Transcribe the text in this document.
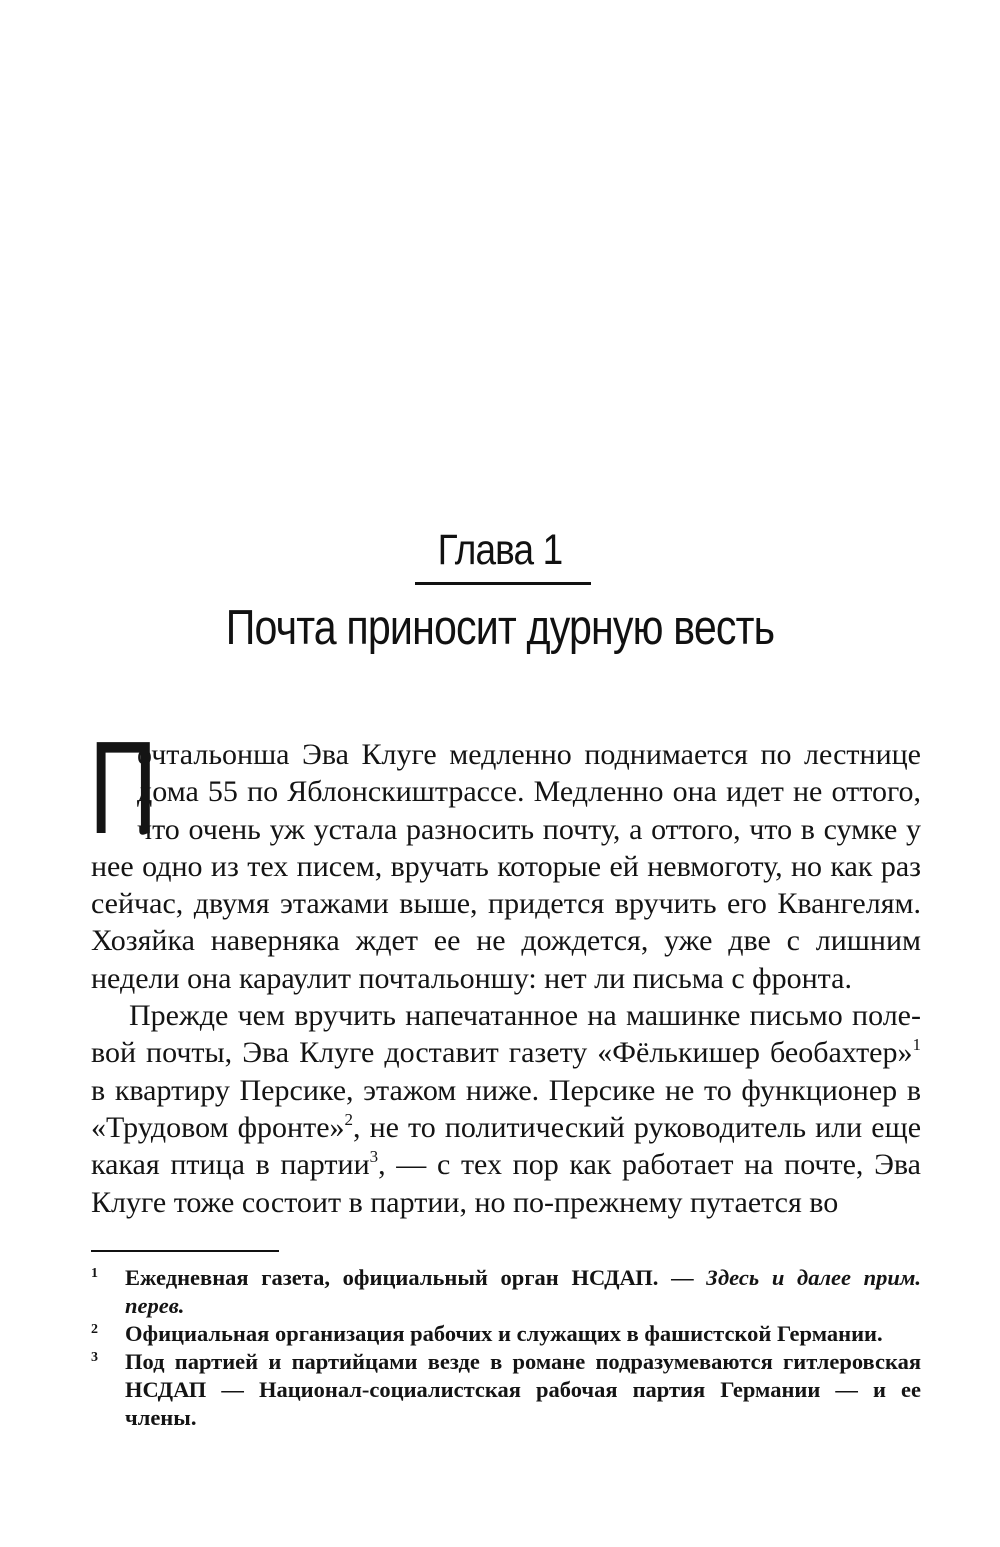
Глава 1
Почта приносит дурную весть

П
очтальонша Эва Клуге медленно поднимается по лестнице дома 55 по Яблонскиштрассе. Медленно она идет не оттого, что очень уж устала разносить почту, а оттого, что в сумке у нее одно из тех писем, вручать которые ей невмоготу, но как раз сейчас, двумя этажами выше, придется вручить его Квангелям. Хозяйка наверняка ждет ее не дождется, уже две с лишним недели она караулит почтальоншу: нет ли письма с фронта.

Прежде чем вручить напечатанное на машинке письмо полевой почты, Эва Клуге доставит газету «Фёлькишер беобахтер»$^1$ в квартиру Персике, этажом ниже. Персике не то функционер в «Трудовом фронте»$^2$, не то политический руководитель или еще какая птица в партии$^3$, — с тех пор как работает на почте, Эва Клуге тоже состоит в партии, но по-прежнему путается во

1 Ежедневная газета, официальный орган НСДАП. — Здесь и далее прим. перев.
2 Официальная организация рабочих и служащих в фашистской Германии.
3 Под партией и партийцами везде в романе подразумеваются гитлеровская НСДАП — Национал-социалистская рабочая партия Германии — и ее члены.
